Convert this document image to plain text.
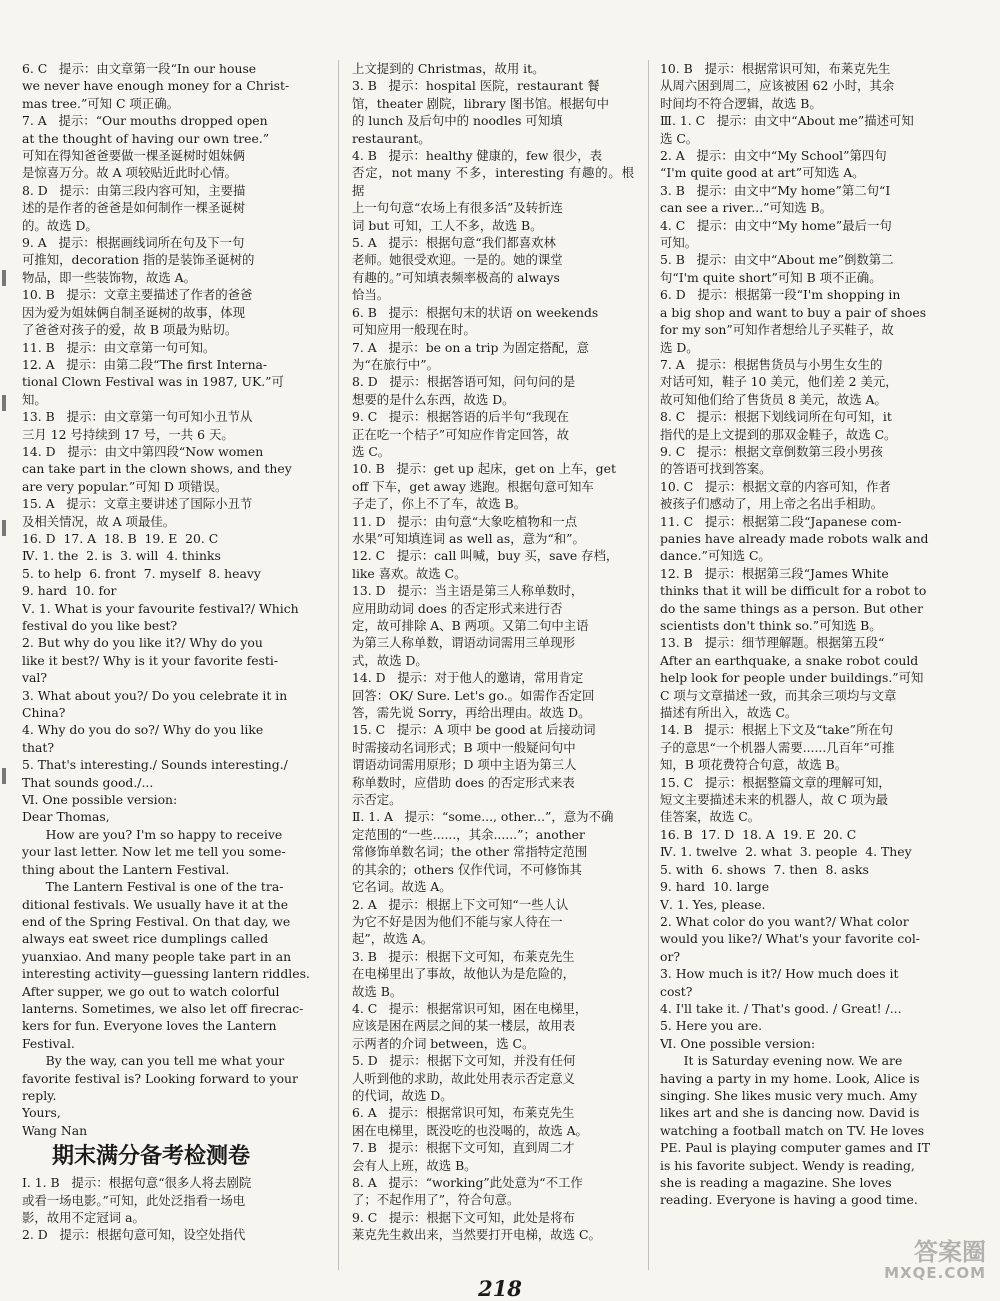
6. C   提示：由文章第一段“In our house
we never have enough money for a Christ-
mas tree.”可知 C 项正确。
7. A   提示：“Our mouths dropped open
at the thought of having our own tree.”
可知在得知爸爸要做一棵圣诞树时姐妹俩
是惊喜万分。故 A 项较贴近此时心情。
8. D   提示：由第三段内容可知，主要描
述的是作者的爸爸是如何制作一棵圣诞树
的。故选 D。
9. A   提示：根据画线词所在句及下一句
可推知，decoration 指的是装饰圣诞树的
物品，即一些装饰物，故选 A。
10. B   提示：文章主要描述了作者的爸爸
因为爱为姐妹俩自制圣诞树的故事，体现
了爸爸对孩子的爱，故 B 项最为贴切。
11. B   提示：由文章第一句可知。
12. A   提示：由第二段“The first Interna-
tional Clown Festival was in 1987, UK.”可
知。
13. B   提示：由文章第一句可知小丑节从
三月 12 号持续到 17 号，一共 6 天。
14. D   提示：由文中第四段“Now women
can take part in the clown shows, and they
are very popular.”可知 D 项错误。
15. A   提示：文章主要讲述了国际小丑节
及相关情况，故 A 项最佳。
16. D  17. A  18. B  19. E  20. C
Ⅳ. 1. the  2. is  3. will  4. thinks
5. to help  6. front  7. myself  8. heavy
9. hard  10. for
Ⅴ. 1. What is your favourite festival?/ Which
festival do you like best?
2. But why do you like it?/ Why do you
like it best?/ Why is it your favorite festi-
val?
3. What about you?/ Do you celebrate it in
China?
4. Why do you do so?/ Why do you like
that?
5. That's interesting./ Sounds interesting./
That sounds good./...
Ⅵ. One possible version:
Dear Thomas,
How are you? I'm so happy to receive
your last letter. Now let me tell you some-
thing about the Lantern Festival.
The Lantern Festival is one of the tra-
ditional festivals. We usually have it at the
end of the Spring Festival. On that day, we
always eat sweet rice dumplings called
yuanxiao. And many people take part in an
interesting activity—guessing lantern riddles.
After supper, we go out to watch colorful
lanterns. Sometimes, we also let off firecrac-
kers for fun. Everyone loves the Lantern
Festival.
By the way, can you tell me what your
favorite festival is? Looking forward to your
reply.
Yours,
Wang Nan
期末满分备考检测卷
Ⅰ. 1. B   提示：根据句意“很多人将去剧院
或看一场电影。”可知，此处泛指看一场电
影，故用不定冠词 a。
2. D   提示：根据句意可知，设空处指代
上文提到的 Christmas，故用 it。
3. B   提示：hospital 医院，restaurant 餐
馆，theater 剧院，library 图书馆。根据句中
的 lunch 及后句中的 noodles 可知填
restaurant。
4. B   提示：healthy 健康的，few 很少，表
否定，not many 不多，interesting 有趣的。根据
上一句句意“农场上有很多活”及转折连
词 but 可知，工人不多，故选 B。
5. A   提示：根据句意“我们都喜欢林
老师。她很受欢迎。一是的。她的课堂
有趣的。”可知填表频率极高的 always
恰当。
6. B   提示：根据句末的状语 on weekends
可知应用一般现在时。
7. A   提示：be on a trip 为固定搭配，意
为“在旅行中”。
8. D   提示：根据答语可知，问句问的是
想要的是什么东西，故选 D。
9. C   提示：根据答语的后半句“我现在
正在吃一个桔子”可知应作肯定回答，故
选 C。
10. B   提示：get up 起床，get on 上车，get
off 下车，get away 逃跑。根据句意可知车
子走了，你上不了车，故选 B。
11. D   提示：由句意“大象吃植物和一点
水果”可知填连词 as well as，意为“和”。
12. C   提示：call 叫喊，buy 买，save 存档，
like 喜欢。故选 C。
13. D   提示：当主语是第三人称单数时，
应用助动词 does 的否定形式来进行否
定，故可排除 A、B 两项。又第二句中主语
为第三人称单数，谓语动词需用三单现形
式，故选 D。
14. D   提示：对于他人的邀请，常用肯定
回答：OK/ Sure. Let's go.。如需作否定回
答，需先说 Sorry，再给出理由。故选 D。
15. C   提示：A 项中 be good at 后接动词
时需接动名词形式；B 项中一般疑问句中
谓语动词需用原形；D 项中主语为第三人
称单数时，应借助 does 的否定形式来表
示否定。
Ⅱ. 1. A   提示：“some..., other...”，意为不确
定范围的“一些......，其余......”；another
常修饰单数名词；the other 常指特定范围
的其余的；others 仅作代词，不可修饰其
它名词。故选 A。
2. A   提示：根据上下文可知“一些人认
为它不好是因为他们不能与家人待在一
起”，故选 A。
3. B   提示：根据下文可知，布莱克先生
在电梯里出了事故，故他认为是危险的，
故选 B。
4. C   提示：根据常识可知，困在电梯里，
应该是困在两层之间的某一楼层，故用表
示两者的介词 between，选 C。
5. D   提示：根据下文可知，并没有任何
人听到他的求助，故此处用表示否定意义
的代词，故选 D。
6. A   提示：根据常识可知，布莱克先生
困在电梯里，既没吃的也没喝的，故选 A。
7. B   提示：根据下文可知，直到周二才
会有人上班，故选 B。
8. A   提示：“working”此处意为“不工作
了；不起作用了”，符合句意。
9. C   提示：根据下文可知，此处是将布
莱克先生救出来，当然要打开电梯，故选 C。
10. B   提示：根据常识可知，布莱克先生
从周六困到周二，应该被困 62 小时，其余
时间均不符合逻辑，故选 B。
Ⅲ. 1. C   提示：由文中“About me”描述可知
选 C。
2. A   提示：由文中“My School”第四句
“I'm quite good at art”可知选 A。
3. B   提示：由文中“My home”第二句“I
can see a river...”可知选 B。
4. C   提示：由文中“My home”最后一句
可知。
5. B   提示：由文中“About me”倒数第二
句“I'm quite short”可知 B 项不正确。
6. D   提示：根据第一段“I'm shopping in
a big shop and want to buy a pair of shoes
for my son”可知作者想给儿子买鞋子，故
选 D。
7. A   提示：根据售货员与小男生女生的
对话可知，鞋子 10 美元，他们差 2 美元，
故可知他们给了售货员 8 美元，故选 A。
8. C   提示：根据下划线词所在句可知，it
指代的是上文提到的那双金鞋子，故选 C。
9. C   提示：根据文章倒数第三段小男孩
的答语可找到答案。
10. C   提示：根据文章的内容可知，作者
被孩子们感动了，用上帝之名出手相助。
11. C   提示：根据第二段“Japanese com-
panies have already made robots walk and
dance.”可知选 C。
12. B   提示：根据第三段“James White
thinks that it will be difficult for a robot to
do the same things as a person. But other
scientists don't think so.”可知选 B。
13. B   提示：细节理解题。根据第五段“
After an earthquake, a snake robot could
help look for people under buildings.”可知
C 项与文章描述一致，而其余三项均与文章
描述有所出入，故选 C。
14. B   提示：根据上下文及“take”所在句
子的意思“一个机器人需要......几百年”可推
知，B 项花费符合句意，故选 B。
15. C   提示：根据整篇文章的理解可知，
短文主要描述未来的机器人，故 C 项为最
佳答案，故选 C。
16. B  17. D  18. A  19. E  20. C
Ⅳ. 1. twelve  2. what  3. people  4. They
5. with  6. shows  7. then  8. asks
9. hard  10. large
Ⅴ. 1. Yes, please.
2. What color do you want?/ What color
would you like?/ What's your favorite col-
or?
3. How much is it?/ How much does it
cost?
4. I'll take it. / That's good. / Great! /...
5. Here you are.
Ⅵ. One possible version:
It is Saturday evening now. We are
having a party in my home. Look, Alice is
singing. She likes music very much. Amy
likes art and she is dancing now. David is
watching a football match on TV. He loves
PE. Paul is playing computer games and IT
is his favorite subject. Wendy is reading,
she is reading a magazine. She loves
reading. Everyone is having a good time.
218
答案圈
MXQE.COM
